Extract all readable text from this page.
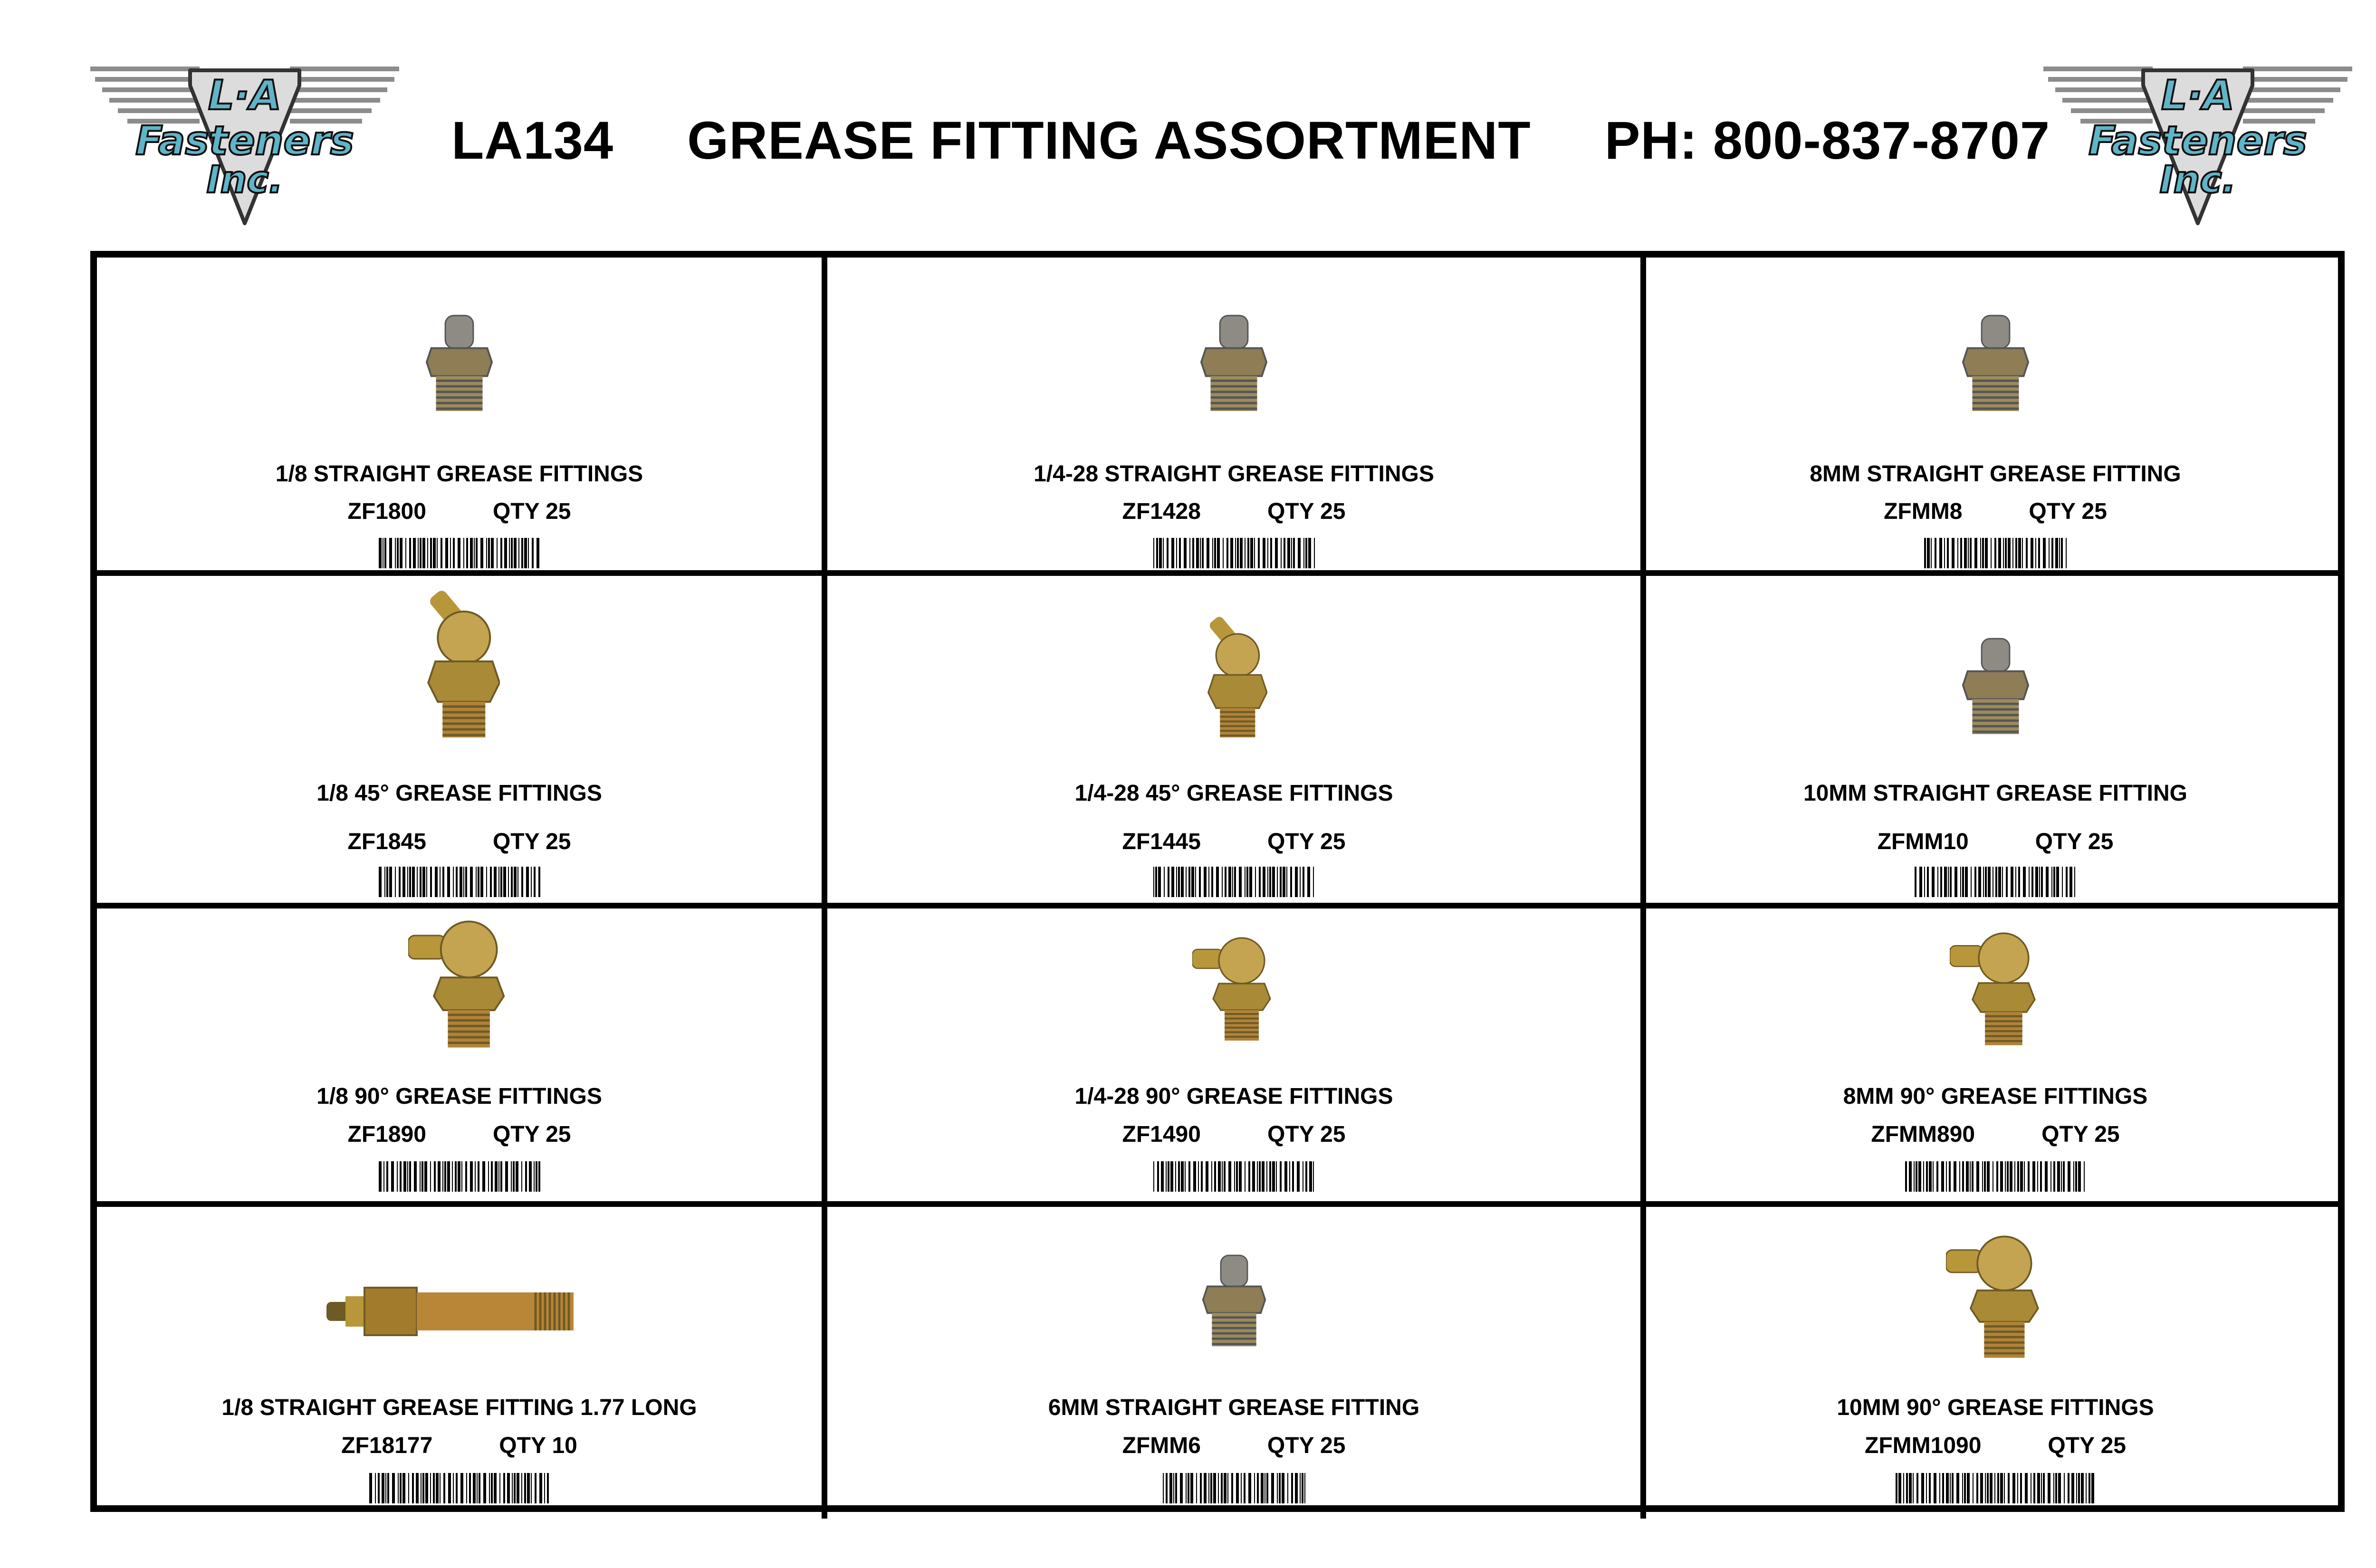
L·A
Fasteners
Inc.
L·A
Fasteners
Inc.
LA134 GREASE FITTING ASSORTMENT PH: 800-837-8707
1/8 STRAIGHT GREASE FITTINGS
ZF1800	QTY 25
1/4-28 STRAIGHT GREASE FITTINGS
ZF1428	QTY 25
8MM STRAIGHT GREASE FITTING
ZFMM8	QTY 25
1/8 45° GREASE FITTINGS
ZF1845	QTY 25
1/4-28 45° GREASE FITTINGS
ZF1445	QTY 25
10MM STRAIGHT GREASE FITTING
ZFMM10	QTY 25
1/8 90° GREASE FITTINGS
ZF1890	QTY 25
1/4-28 90° GREASE FITTINGS
ZF1490	QTY 25
8MM 90° GREASE FITTINGS
ZFMM890	QTY 25
1/8 STRAIGHT GREASE FITTING 1.77 LONG
ZF18177	QTY 10
6MM STRAIGHT GREASE FITTING
ZFMM6	QTY 25
10MM 90° GREASE FITTINGS
ZFMM1090	QTY 25
